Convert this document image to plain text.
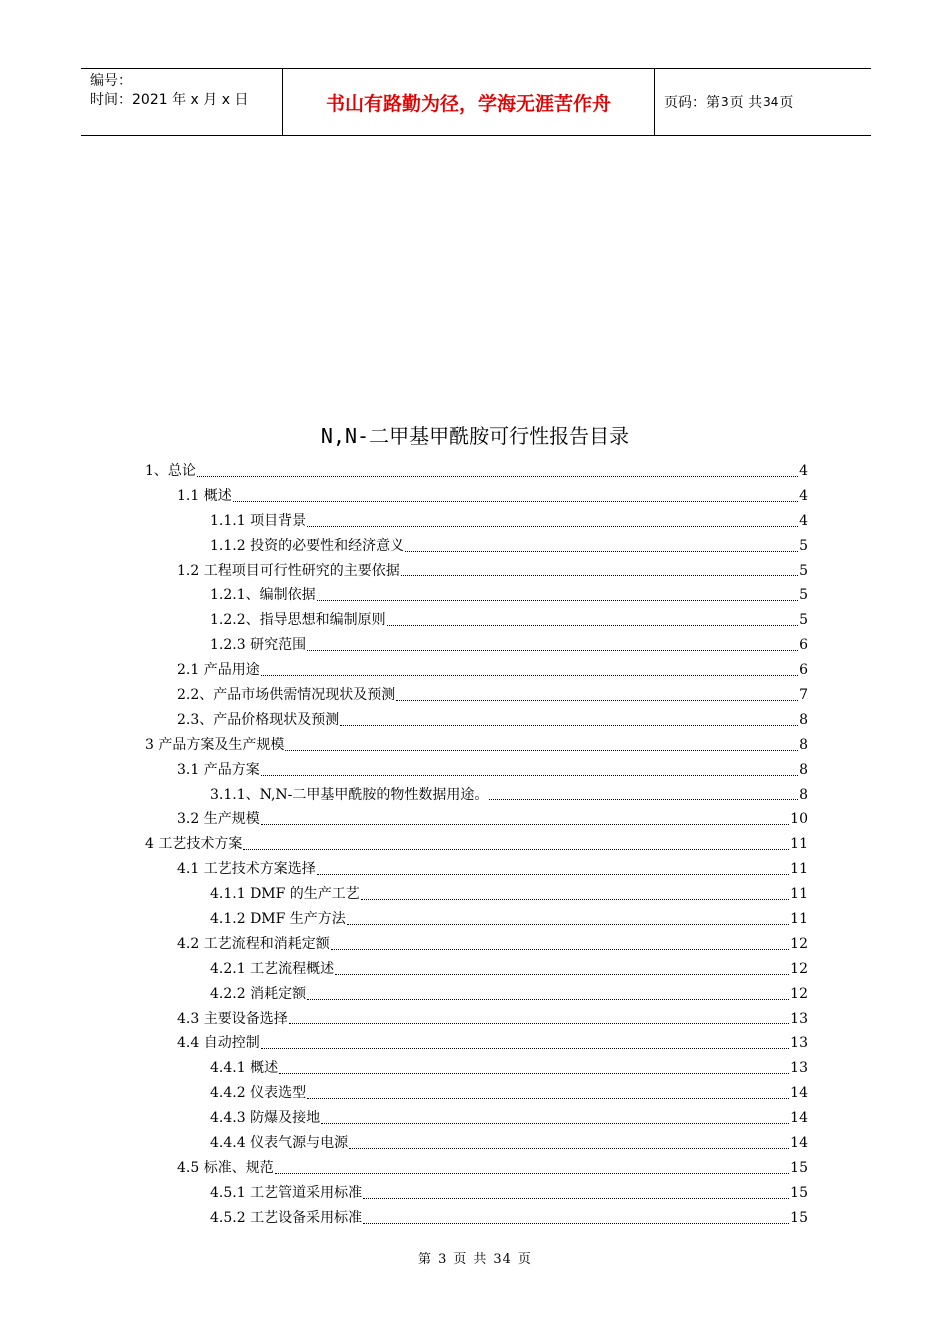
编号：
时间：2021 年 x 月 x 日	书山有路勤为径，学海无涯苦作舟	页码：第 3 页 共 34 页
N,N-二甲基甲酰胺可行性报告目录
1、总论	4
1.1 概述	4
1.1.1 项目背景	4
1.1.2 投资的必要性和经济意义	5
1.2 工程项目可行性研究的主要依据	5
1.2.1、编制依据	5
1.2.2、指导思想和编制原则	5
1.2.3 研究范围	6
2.1 产品用途	6
2.2、产品市场供需情况现状及预测	7
2.3、产品价格现状及预测	8
3 产品方案及生产规模	8
3.1 产品方案	8
3.1.1、N,N-二甲基甲酰胺的物性数据用途。	8
3.2 生产规模	10
4 工艺技术方案	11
4.1 工艺技术方案选择	11
4.1.1 DMF 的生产工艺	11
4.1.2 DMF 生产方法	11
4.2 工艺流程和消耗定额	12
4.2.1 工艺流程概述	12
4.2.2 消耗定额	12
4.3 主要设备选择	13
4.4 自动控制	13
4.4.1 概述	13
4.4.2 仪表选型	14
4.4.3 防爆及接地	14
4.4.4 仪表气源与电源	14
4.5 标准、规范	15
4.5.1 工艺管道采用标准	15
4.5.2 工艺设备采用标准	15
第 3 页 共 34 页
